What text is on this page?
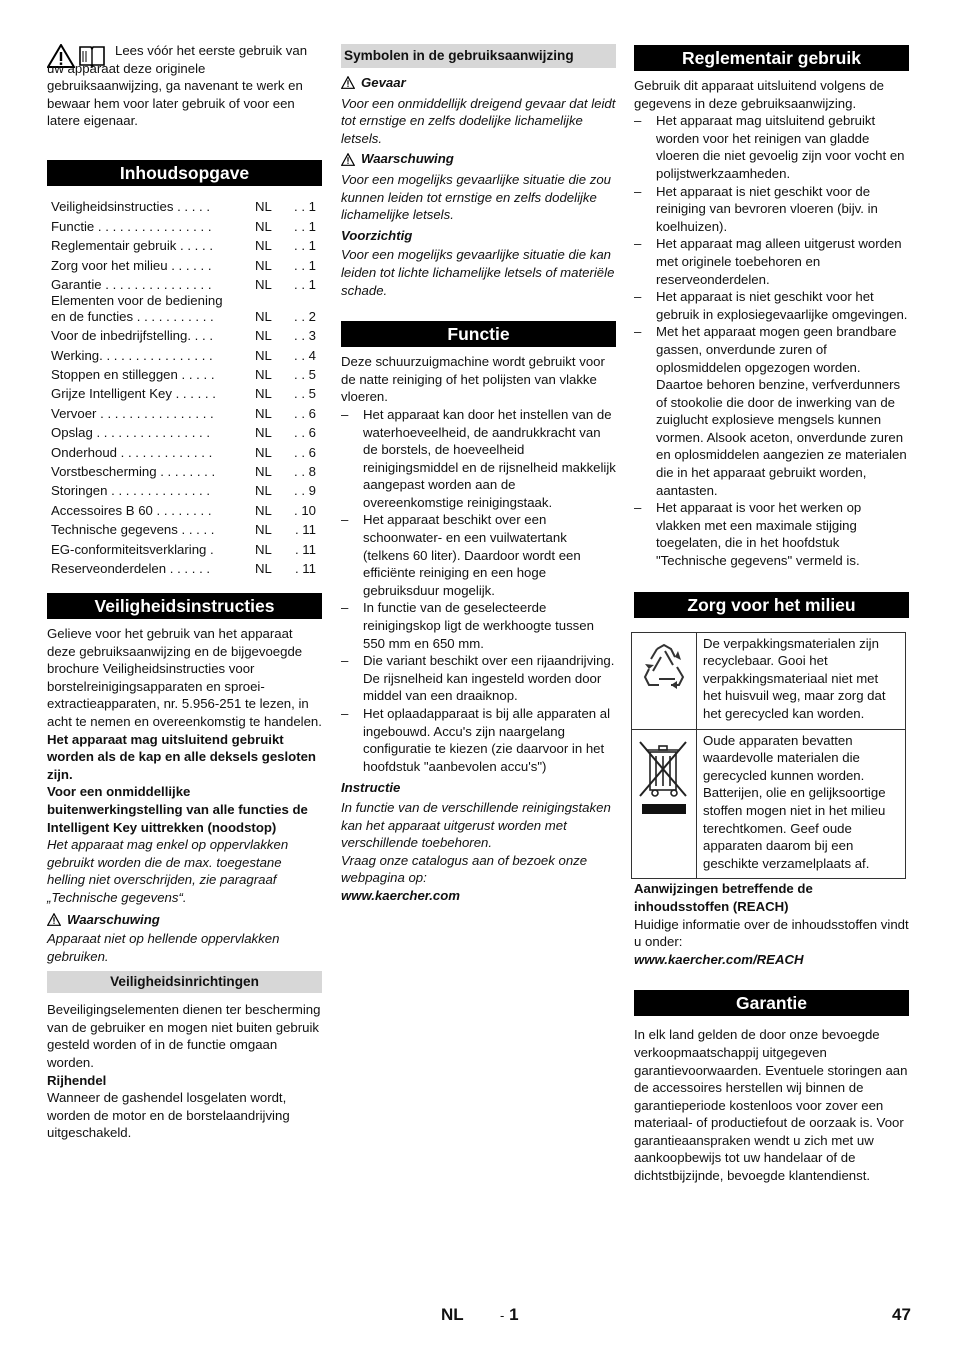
Lees vóór het eerste gebruik van uw apparaat deze originele gebruiksaanwijzing, ga navenant te werk en bewaar hem voor later gebruik of voor een latere eigenaar.

Inhoudsopgave
Veiligheidsinstructies . . . . .	NL	. . 1
Functie . . . . . . . . . . . . . . . .	NL	. . 1
Reglementair gebruik . . . . .	NL	. . 1
Zorg voor het milieu . . . . . .	NL	. . 1
Garantie . . . . . . . . . . . . . . .	NL	. . 1
Elementen voor de bediening en de functies . . . . . . . . . . .	NL	. . 2
Voor de inbedrijfstelling. . . .	NL	. . 3
Werking. . . . . . . . . . . . . . . .	NL	. . 4
Stoppen en stilleggen . . . . .	NL	. . 5
Grijze Intelligent Key . . . . . .	NL	. . 5
Vervoer . . . . . . . . . . . . . . . .	NL	. . 6
Opslag . . . . . . . . . . . . . . . .	NL	. . 6
Onderhoud . . . . . . . . . . . . .	NL	. . 6
Vorstbescherming . . . . . . . .	NL	. . 8
Storingen . . . . . . . . . . . . . .	NL	. . 9
Accessoires B 60 . . . . . . . .	NL	. 10
Technische gegevens . . . . .	NL	. 11
EG-conformiteitsverklaring .	NL	. 11
Reserveonderdelen . . . . . .	NL	. 11
Veiligheidsinstructies

Gelieve voor het gebruik van het apparaat deze gebruiksaanwijzing en de bijgevoegde brochure Veiligheidsinstructies voor borstelreinigingsapparaten en sproei-extractieapparaten, nr. 5.956-251 te lezen, in acht te nemen en overeenkomstig te handelen.

Het apparaat mag uitsluitend gebruikt worden als de kap en alle deksels gesloten zijn.

Voor een onmiddellijke buitenwerkingstelling van alle functies de Intelligent Key uittrekken (noodstop)

Het apparaat mag enkel op oppervlakken gebruikt worden die de max. toegestane helling niet overschrijden, zie paragraaf „Technische gegevens“.

Waarschuwing

Apparaat niet op hellende oppervlakken gebruiken.

Veiligheidsinrichtingen

Beveiligingselementen dienen ter bescherming van de gebruiker en mogen niet buiten gebruik gesteld worden of in de functie omgaan worden.

Rijhendel

Wanneer de gashendel losgelaten wordt, worden de motor en de borstelaandrijving uitgeschakeld.

Symbolen in de gebruiksaanwijzing
Gevaar

Voor een onmiddellijk dreigend gevaar dat leidt tot ernstige en zelfs dodelijke lichamelijke letsels.

Waarschuwing

Voor een mogelijks gevaarlijke situatie die zou kunnen leiden tot ernstige en zelfs dodelijke lichamelijke letsels.

Voorzichtig

Voor een mogelijks gevaarlijke situatie die kan leiden tot lichte lichamelijke letsels of materiële schade.

Functie

Deze schuurzuigmachine wordt gebruikt voor de natte reiniging of het polijsten van vlakke vloeren.

– Het apparaat kan door het instellen van de waterhoeveelheid, de aandrukkracht van de borstels, de hoeveelheid reinigingsmiddel en de rijsnelheid makkelijk aangepast worden aan de overeenkomstige reinigingstaak.
– Het apparaat beschikt over een schoonwater- en een vuilwatertank (telkens 60 liter). Daardoor wordt een efficiënte reiniging en een hoge gebruiksduur mogelijk.
– In functie van de geselecteerde reinigingskop ligt de werkhoogte tussen 550 mm en 650 mm.
– Die variant beschikt over een rijaandrijving. De rijsnelheid kan ingesteld worden door middel van een draaiknop.
– Het oplaadapparaat is bij alle apparaten al ingebouwd. Accu's zijn naargelang configuratie te kiezen (zie daarvoor in het hoofdstuk "aanbevolen accu's")

Instructie

In functie van de verschillende reinigingstaken kan het apparaat uitgerust worden met verschillende toebehoren.

Vraag onze catalogus aan of bezoek onze webpagina op:

www.kaercher.com

Reglementair gebruik

Gebruik dit apparaat uitsluitend volgens de gegevens in deze gebruiksaanwijzing.

– Het apparaat mag uitsluitend gebruikt worden voor het reinigen van gladde vloeren die niet gevoelig zijn voor vocht en polijstwerkzaamheden.
– Het apparaat is niet geschikt voor de reiniging van bevroren vloeren (bijv. in koelhuizen).
– Het apparaat mag alleen uitgerust worden met originele toebehoren en reserveonderdelen.
– Het apparaat is niet geschikt voor het gebruik in explosiegevaarlijke omgevingen.
– Met het apparaat mogen geen brandbare gassen, onverdunde zuren of oplosmiddelen opgezogen worden.

Daartoe behoren benzine, verfverdunners of stookolie die door de inwerking van de zuiglucht explosieve mengsels kunnen vormen. Alsook aceton, onverdunde zuren en oplosmiddelen aangezien ze materialen die in het apparaat gebruikt worden, aantasten.

– Het apparaat is voor het werken op vlakken met een maximale stijging toegelaten, die in het hoofdstuk "Technische gegevens" vermeld is.
Zorg voor het milieu
	De verpakkingsmaterialen zijn recyclebaar. Gooi het verpakkingsmateriaal niet met het huisvuil weg, maar zorg dat het gerecycled kan worden.
	Oude apparaten bevatten waardevolle materialen die gerecycled kunnen worden. Batterijen, olie en gelijksoortige stoffen mogen niet in het milieu terechtkomen. Geef oude apparaten daarom bij een geschikte verzamelplaats af.

Aanwijzingen betreffende de inhoudsstoffen (REACH)

Huidige informatie over de inhoudsstoffen vindt u onder:

www.kaercher.com/REACH

Garantie

In elk land gelden de door onze bevoegde verkoopmaatschappij uitgegeven garantievoorwaarden. Eventuele storingen aan de accessoires herstellen wij binnen de garantieperiode kostenloos voor zover een materiaal- of productiefout de oorzaak is. Voor garantieaanspraken wendt u zich met uw aankoopbewijs tot uw handelaar of de dichtstbijzijnde, bevoegde klantendienst.

NL	- 1	47
